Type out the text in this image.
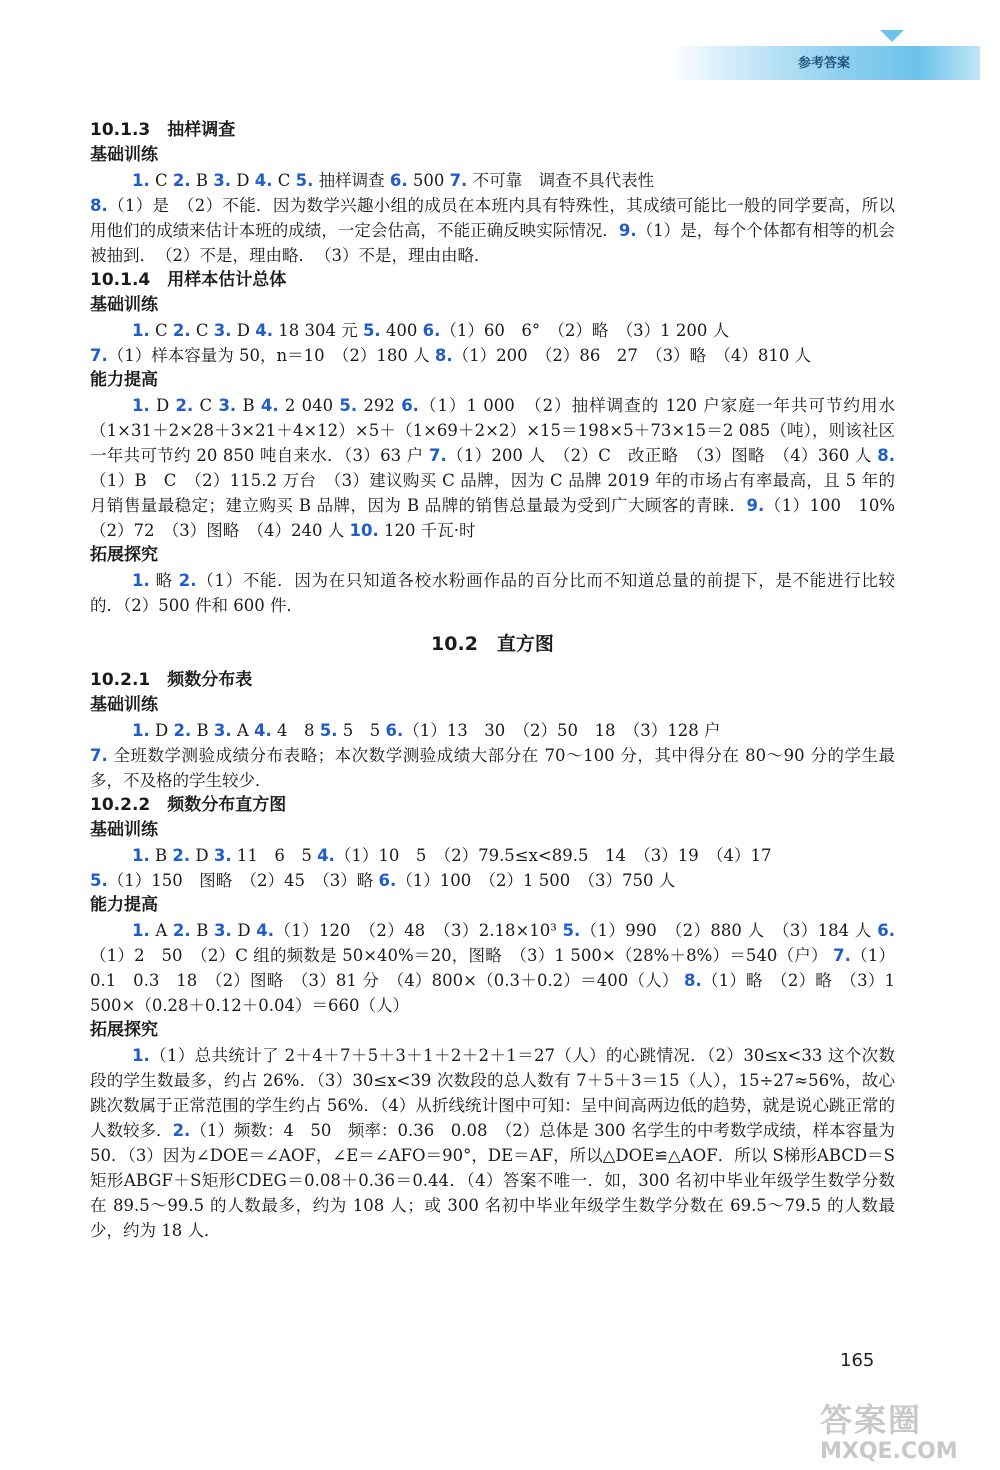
参考答案
10.1.3　抽样调查
基础训练
1. C 2. B 3. D 4. C 5. 抽样调查 6. 500 7. 不可靠　调查不具代表性
8.（1）是　（2）不能．因为数学兴趣小组的成员在本班内具有特殊性，其成绩可能比一般的同学要高，所以用他们的成绩来估计本班的成绩，一定会估高，不能正确反映实际情况．9.（1）是，每个个体都有相等的机会被抽到．　（2）不是，理由略．　（3）不是，理由由略．
10.1.4　用样本估计总体
基础训练
1. C 2. C 3. D 4. 18 304 元 5. 400 6.（1）60　6°　（2）略　（3）1 200 人
7.（1）样本容量为 50，n＝10　（2）180 人 8.（1）200　（2）86　27　（3）略　（4）810 人
能力提高
1. D 2. C 3. B 4. 2 040 5. 292 6.（1）1 000　（2）抽样调查的 120 户家庭一年共可节约用水（1×31＋2×28＋3×21＋4×12）×5＋（1×69＋2×2）×15＝198×5＋73×15＝2 085（吨），则该社区一年共可节约 20 850 吨自来水．（3）63 户 7.（1）200 人　（2）C　改正略　（3）图略　（4）360 人 8.（1）B　C　（2）115.2 万台　（3）建议购买 C 品牌，因为 C 品牌 2019 年的市场占有率最高，且 5 年的月销售量最稳定；建立购买 B 品牌，因为 B 品牌的销售总量最为受到广大顾客的青睐．9.（1）100　10%　（2）72　（3）图略　（4）240 人 10. 120 千瓦·时
拓展探究
1. 略 2.（1）不能．因为在只知道各校水粉画作品的百分比而不知道总量的前提下，是不能进行比较的．（2）500 件和 600 件．
10.2　直方图
10.2.1　频数分布表
基础训练
1. D 2. B 3. A 4. 4　8 5. 5　5 6.（1）13　30　（2）50　18　（3）128 户
7. 全班数学测验成绩分布表略；本次数学测验成绩大部分在 70～100 分，其中得分在 80～90 分的学生最多，不及格的学生较少．
10.2.2　频数分布直方图
基础训练
1. B 2. D 3. 11　6　5 4.（1）10　5　（2）79.5≤x<89.5　14　（3）19　（4）17
5.（1）150　图略　（2）45　（3）略 6.（1）100　（2）1 500　（3）750 人
能力提高
1. A 2. B 3. D 4.（1）120　（2）48　（3）2.18×10³ 5.（1）990　（2）880 人　（3）184 人 6.（1）2　50　（2）C 组的频数是 50×40%＝20，图略　（3）1 500×（28%＋8%）＝540（户） 7.（1）0.1　0.3　18　（2）图略　（3）81 分　（4）800×（0.3＋0.2）＝400（人） 8.（1）略　（2）略　（3）1 500×（0.28＋0.12＋0.04）＝660（人）
拓展探究
1.（1）总共统计了 2＋4＋7＋5＋3＋1＋2＋2＋1＝27（人）的心跳情况．（2）30≤x<33 这个次数段的学生数最多，约占 26%．（3）30≤x<39 次数段的总人数有 7＋5＋3＝15（人），15÷27≈56%，故心跳次数属于正常范围的学生约占 56%．（4）从折线统计图中可知：呈中间高两边低的趋势，就是说心跳正常的人数较多．2.（1）频数：4　50　频率：0.36　0.08　（2）总体是 300 名学生的中考数学成绩，样本容量为 50．（3）因为∠DOE＝∠AOF，∠E＝∠AFO＝90°，DE＝AF，所以△DOE≌△AOF．所以 S梯形ABCD＝S矩形ABGF＋S矩形CDEG＝0.08＋0.36＝0.44．（4）答案不唯一．如，300 名初中毕业年级学生数学分数在 89.5～99.5 的人数最多，约为 108 人；或 300 名初中毕业年级学生数学分数在 69.5～79.5 的人数最少，约为 18 人．
165
答案圈
MXQE.COM
